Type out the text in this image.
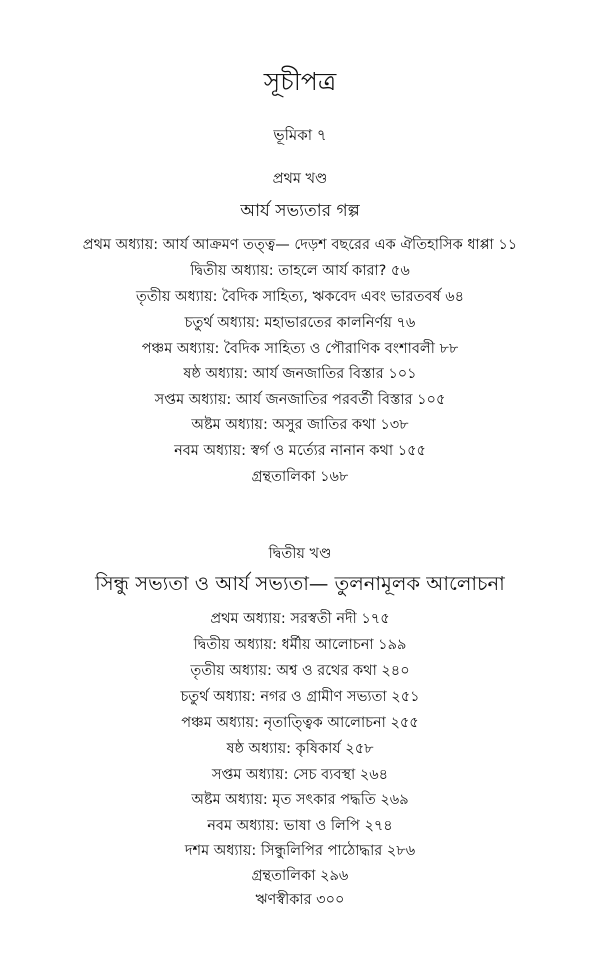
সূচীপত্র
ভূমিকা ৭
প্রথম খণ্ড
আর্য সভ্যতার গল্প
প্রথম অধ্যায়: আর্য আক্রমণ তত্ত্ব— দেড়শ বছরের এক ঐতিহাসিক ধাপ্পা ১১
দ্বিতীয় অধ্যায়: তাহলে আর্য কারা? ৫৬
তৃতীয় অধ্যায়: বৈদিক সাহিত্য, ঋকবেদ এবং ভারতবর্ষ ৬৪
চতুর্থ অধ্যায়: মহাভারতের কালনির্ণয় ৭৬
পঞ্চম অধ্যায়: বৈদিক সাহিত্য ও পৌরাণিক বংশাবলী ৮৮
ষষ্ঠ অধ্যায়: আর্য জনজাতির বিস্তার ১০১
সপ্তম অধ্যায়: আর্য জনজাতির পরবর্তী বিস্তার ১০৫
অষ্টম অধ্যায়: অসুর জাতির কথা ১৩৮
নবম অধ্যায়: স্বর্গ ও মর্ত্যের নানান কথা ১৫৫
গ্রন্থতালিকা ১৬৮
দ্বিতীয় খণ্ড
সিন্ধু সভ্যতা ও আর্য সভ্যতা— তুলনামূলক আলোচনা
প্রথম অধ্যায়: সরস্বতী নদী ১৭৫
দ্বিতীয় অধ্যায়: ধর্মীয় আলোচনা ১৯৯
তৃতীয় অধ্যায়: অশ্ব ও রথের কথা ২৪০
চতুর্থ অধ্যায়: নগর ও গ্রামীণ সভ্যতা ২৫১
পঞ্চম অধ্যায়: নৃতাত্ত্বিক আলোচনা ২৫৫
ষষ্ঠ অধ্যায়: কৃষিকার্য ২৫৮
সপ্তম অধ্যায়: সেচ ব্যবস্থা ২৬৪
অষ্টম অধ্যায়: মৃত সৎকার পদ্ধতি ২৬৯
নবম অধ্যায়: ভাষা ও লিপি ২৭৪
দশম অধ্যায়: সিন্ধুলিপির পাঠোদ্ধার ২৮৬
গ্রন্থতালিকা ২৯৬
ঋণস্বীকার ৩০০
